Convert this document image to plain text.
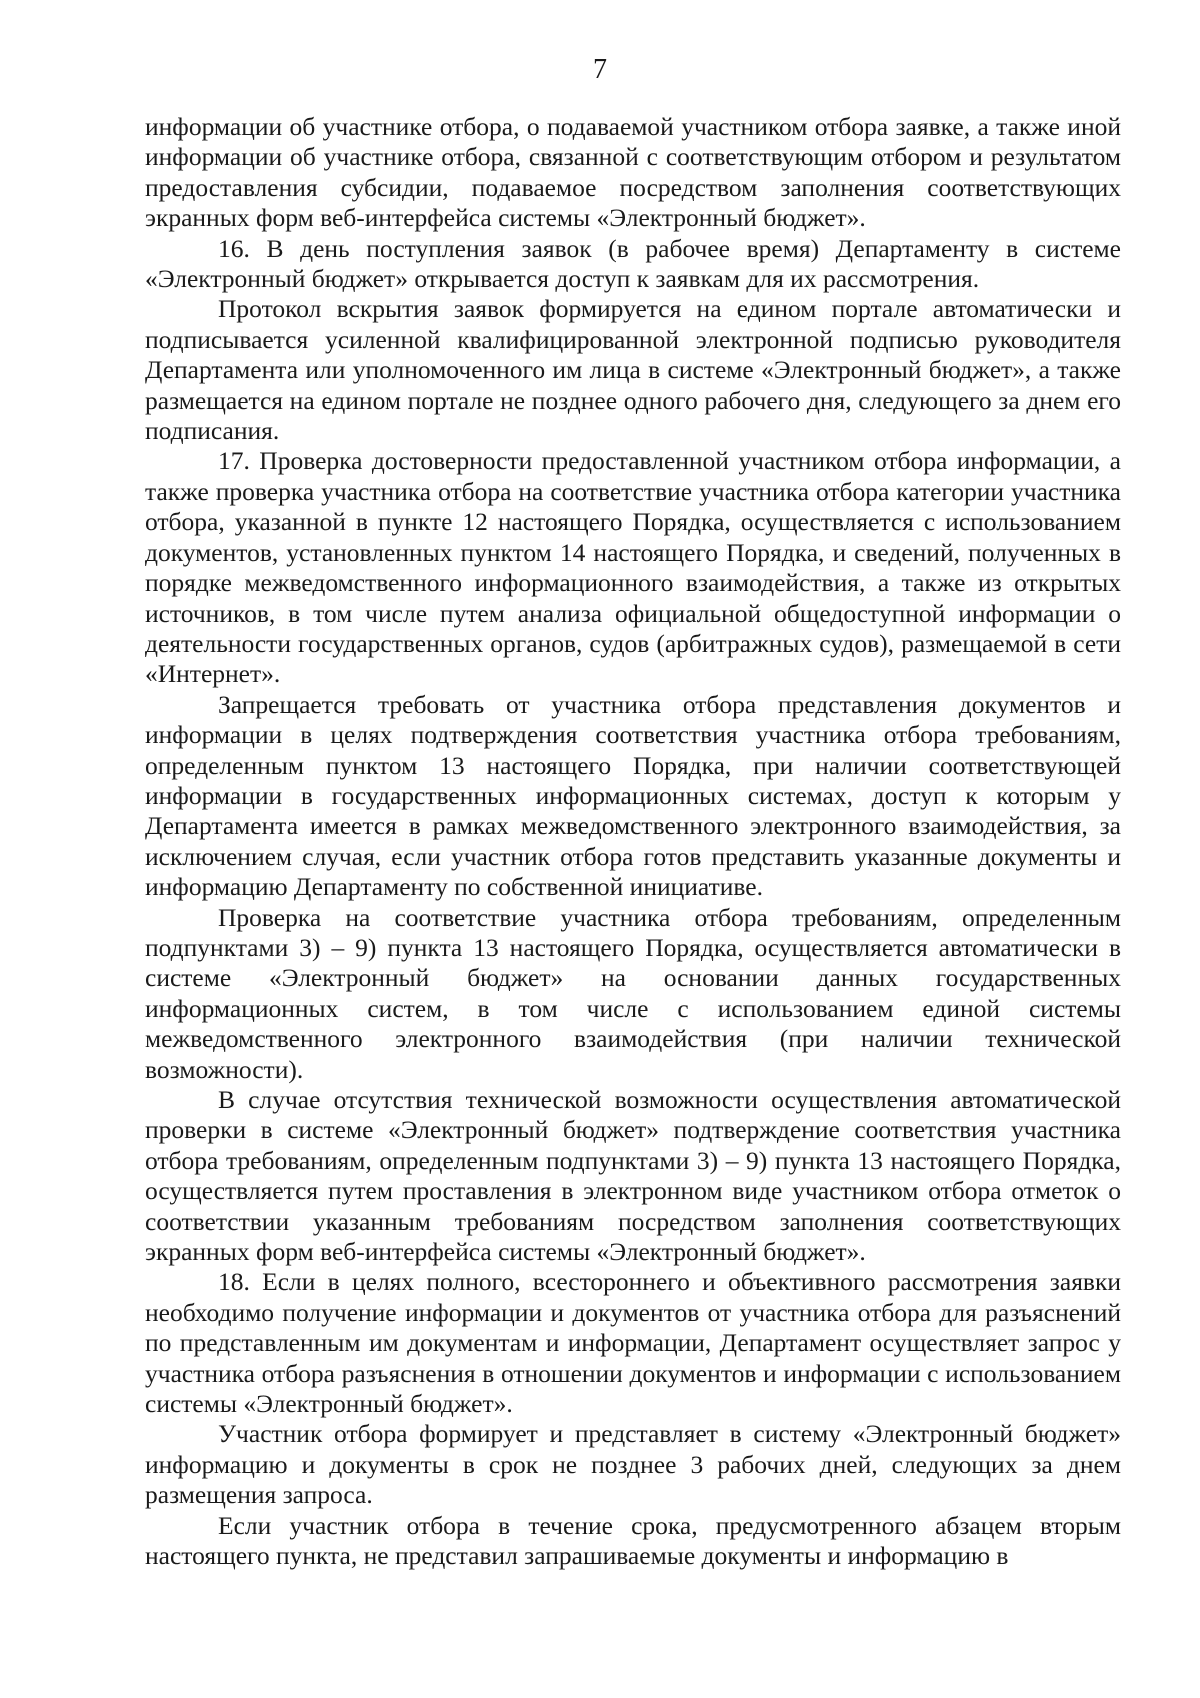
7

информации об участнике отбора, о подаваемой участником отбора заявке, а также иной информации об участнике отбора, связанной с соответствующим отбором и результатом предоставления субсидии, подаваемое посредством заполнения соответствующих экранных форм веб-интерфейса системы «Электронный бюджет».

16. В день поступления заявок (в рабочее время) Департаменту в системе «Электронный бюджет» открывается доступ к заявкам для их рассмотрения.

Протокол вскрытия заявок формируется на едином портале автоматически и подписывается усиленной квалифицированной электронной подписью руководителя Департамента или уполномоченного им лица в системе «Электронный бюджет», а также размещается на едином портале не позднее одного рабочего дня, следующего за днем его подписания.

17. Проверка достоверности предоставленной участником отбора информации, а также проверка участника отбора на соответствие участника отбора категории участника отбора, указанной в пункте 12 настоящего Порядка, осуществляется с использованием документов, установленных пунктом 14 настоящего Порядка, и сведений, полученных в порядке межведомственного информационного взаимодействия, а также из открытых источников, в том числе путем анализа официальной общедоступной информации о деятельности государственных органов, судов (арбитражных судов), размещаемой в сети «Интернет».

Запрещается требовать от участника отбора представления документов и информации в целях подтверждения соответствия участника отбора требованиям, определенным пунктом 13 настоящего Порядка, при наличии соответствующей информации в государственных информационных системах, доступ к которым у Департамента имеется в рамках межведомственного электронного взаимодействия, за исключением случая, если участник отбора готов представить указанные документы и информацию Департаменту по собственной инициативе.

Проверка на соответствие участника отбора требованиям, определенным подпунктами 3) – 9) пункта 13 настоящего Порядка, осуществляется автоматически в системе «Электронный бюджет» на основании данных государственных информационных систем, в том числе с использованием единой системы межведомственного электронного взаимодействия (при наличии технической возможности).

В случае отсутствия технической возможности осуществления автоматической проверки в системе «Электронный бюджет» подтверждение соответствия участника отбора требованиям, определенным подпунктами 3) – 9) пункта 13 настоящего Порядка, осуществляется путем проставления в электронном виде участником отбора отметок о соответствии указанным требованиям посредством заполнения соответствующих экранных форм веб-интерфейса системы «Электронный бюджет».

18. Если в целях полного, всестороннего и объективного рассмотрения заявки необходимо получение информации и документов от участника отбора для разъяснений по представленным им документам и информации, Департамент осуществляет запрос у участника отбора разъяснения в отношении документов и информации с использованием системы «Электронный бюджет».

Участник отбора формирует и представляет в систему «Электронный бюджет» информацию и документы в срок не позднее 3 рабочих дней, следующих за днем размещения запроса.

Если участник отбора в течение срока, предусмотренного абзацем вторым настоящего пункта, не представил запрашиваемые документы и информацию в
